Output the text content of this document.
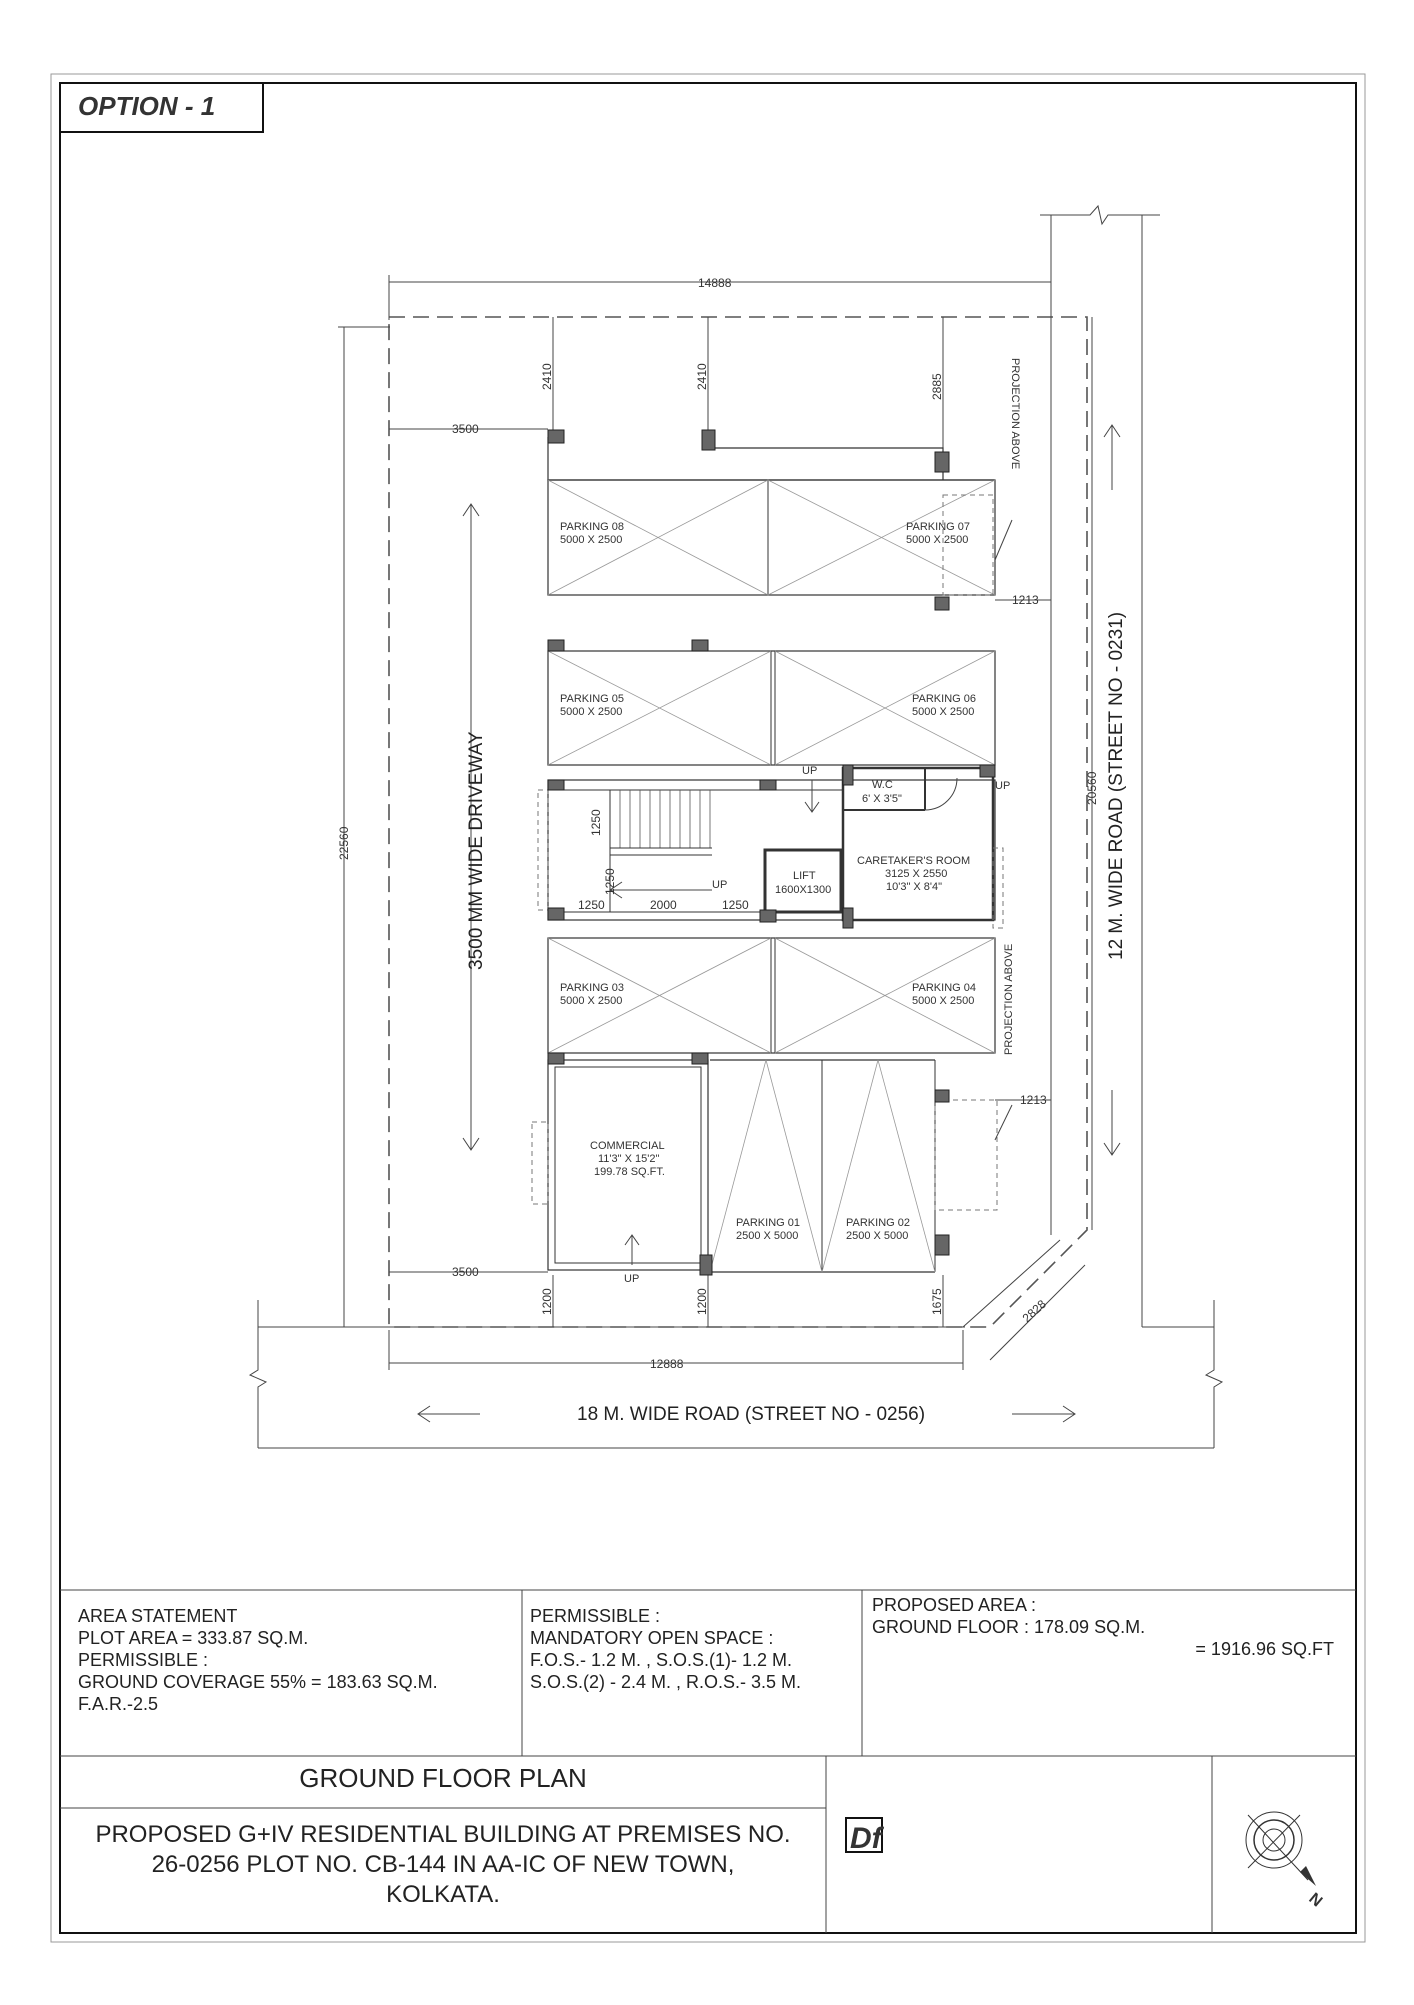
OPTION - 1
12 M. WIDE ROAD (STREET NO - 0231)
18 M. WIDE ROAD (STREET NO - 0256)
14888
22560
20560
12888
3500
3500
2410	2410	2885
1213
1213
1200	1200	1675	2828
3500 MM WIDE DRIVEWAY	UP
UP
1250	2000	1250
1250
1250	LIFT
1600X1300
W.C
6' X 3'5"
CARETAKER'S ROOM
3125 X 2550
10'3" X 8'4"
UP
COMMERCIAL
11'3" X 15'2"
199.78 SQ.FT.
UP
PROJECTION ABOVE
PROJECTION ABOVE
PARKING 08
5000 X 2500
PARKING 07
5000 X 2500
PARKING 05
5000 X 2500
PARKING 06
5000 X 2500
PARKING 03
5000 X 2500
PARKING 04
5000 X 2500
PARKING 01
2500 X 5000
PARKING 02
2500 X 5000
Df
N
AREA STATEMENT
PLOT AREA = 333.87 SQ.M.
PERMISSIBLE :
GROUND COVERAGE 55% = 183.63 SQ.M.
F.A.R.-2.5
PERMISSIBLE :
MANDATORY OPEN SPACE :
F.O.S.- 1.2 M. , S.O.S.(1)- 1.2 M.
S.O.S.(2) - 2.4 M. , R.O.S.- 3.5 M.
PROPOSED AREA :
GROUND FLOOR : 178.09 SQ.M.
= 1916.96 SQ.FT
GROUND FLOOR PLAN
PROPOSED G+IV RESIDENTIAL BUILDING AT PREMISES NO.
26-0256 PLOT NO. CB-144 IN AA-IC OF NEW TOWN,
KOLKATA.
